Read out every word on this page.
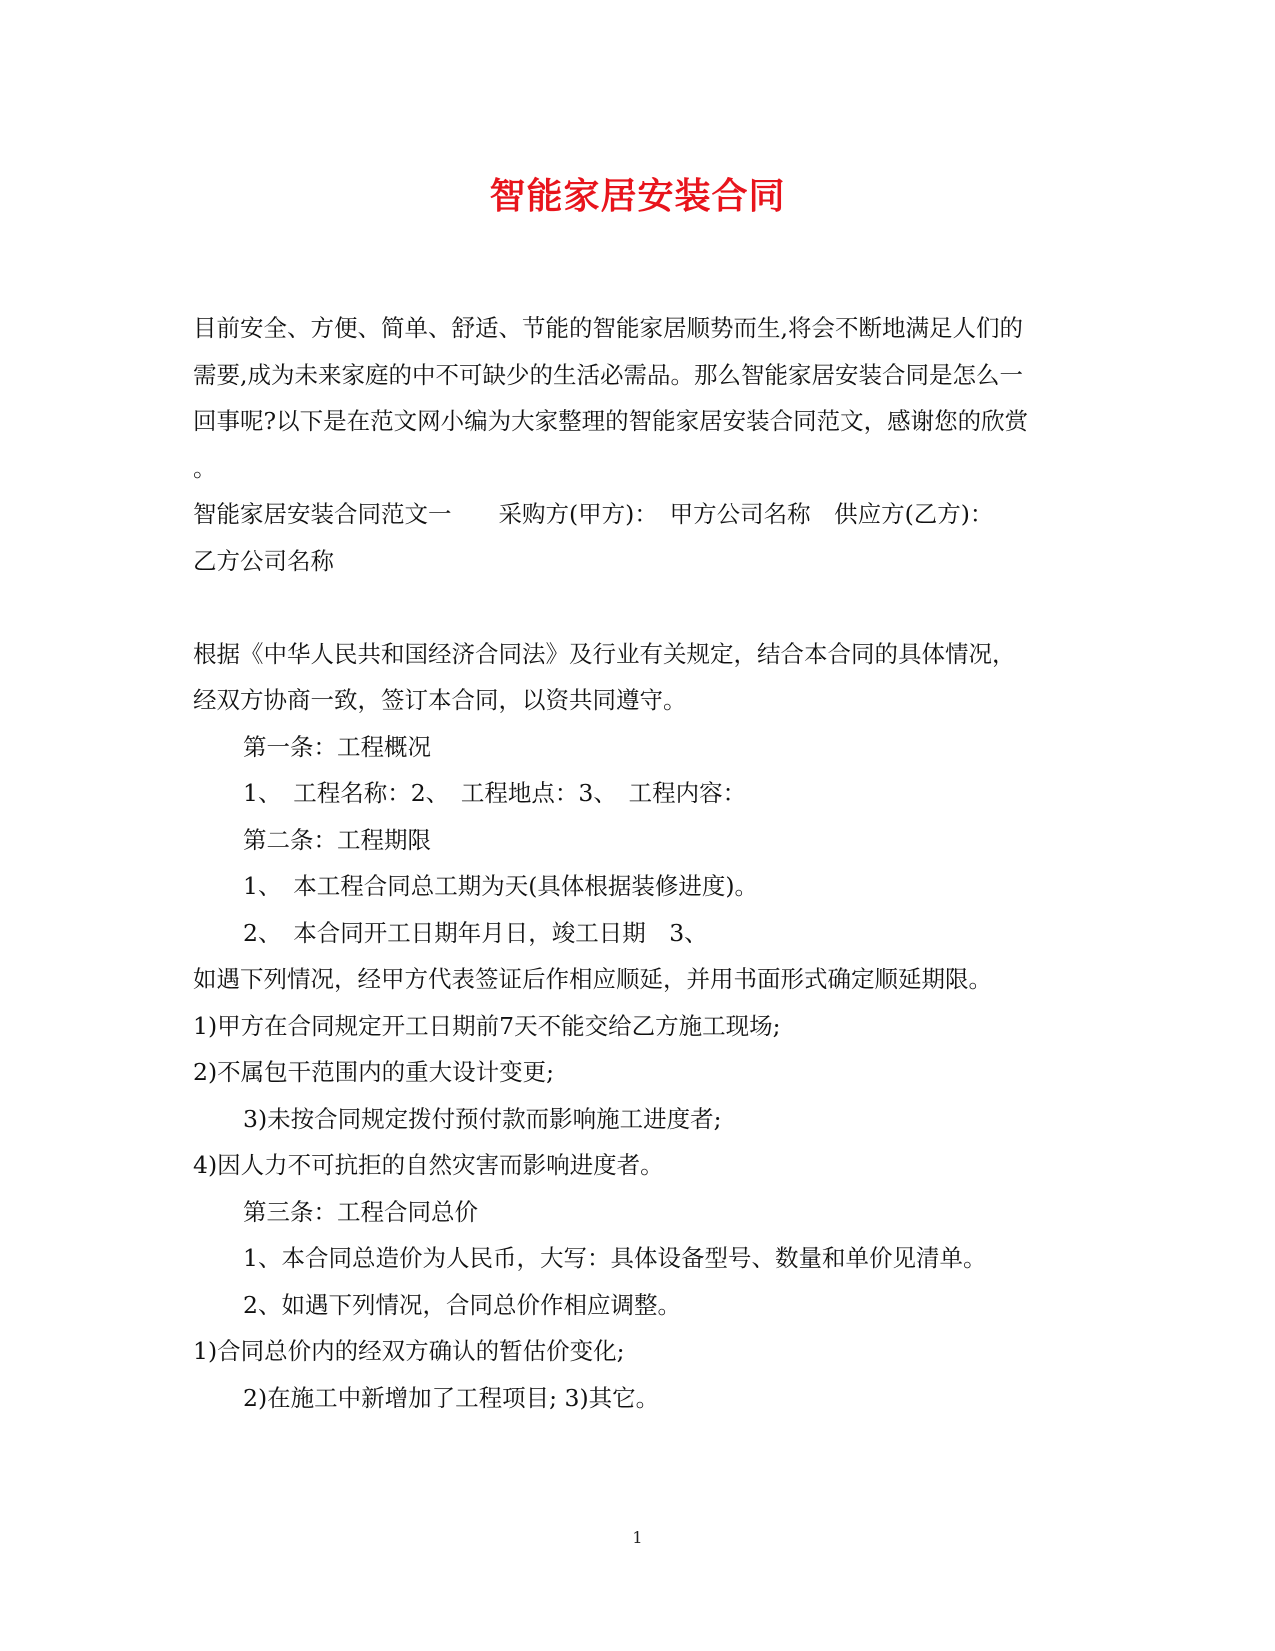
智能家居安装合同
目前安全、方便、简单、舒适、节能的智能家居顺势而生,将会不断地满足人们的
需要,成为未来家庭的中不可缺少的生活必需品。那么智能家居安装合同是怎么一
回事呢?以下是在范文网小编为大家整理的智能家居安装合同范文，感谢您的欣赏
。
智能家居安装合同范文一　　采购方(甲方)：　甲方公司名称　供应方(乙方)：
乙方公司名称
根据《中华人民共和国经济合同法》及行业有关规定，结合本合同的具体情况，
经双方协商一致，签订本合同，以资共同遵守。
第一条：工程概况
1、　工程名称：2、　工程地点：3、　工程内容：
第二条：工程期限
1、　本工程合同总工期为天(具体根据装修进度)。
2、　本合同开工日期年月日，竣工日期　3、
如遇下列情况，经甲方代表签证后作相应顺延，并用书面形式确定顺延期限。
1)甲方在合同规定开工日期前7天不能交给乙方施工现场;
2)不属包干范围内的重大设计变更;
3)未按合同规定拨付预付款而影响施工进度者;
4)因人力不可抗拒的自然灾害而影响进度者。
第三条：工程合同总价
1、本合同总造价为人民币，大写：具体设备型号、数量和单价见清单。
2、如遇下列情况，合同总价作相应调整。
1)合同总价内的经双方确认的暂估价变化;
2)在施工中新增加了工程项目; 3)其它。
1
